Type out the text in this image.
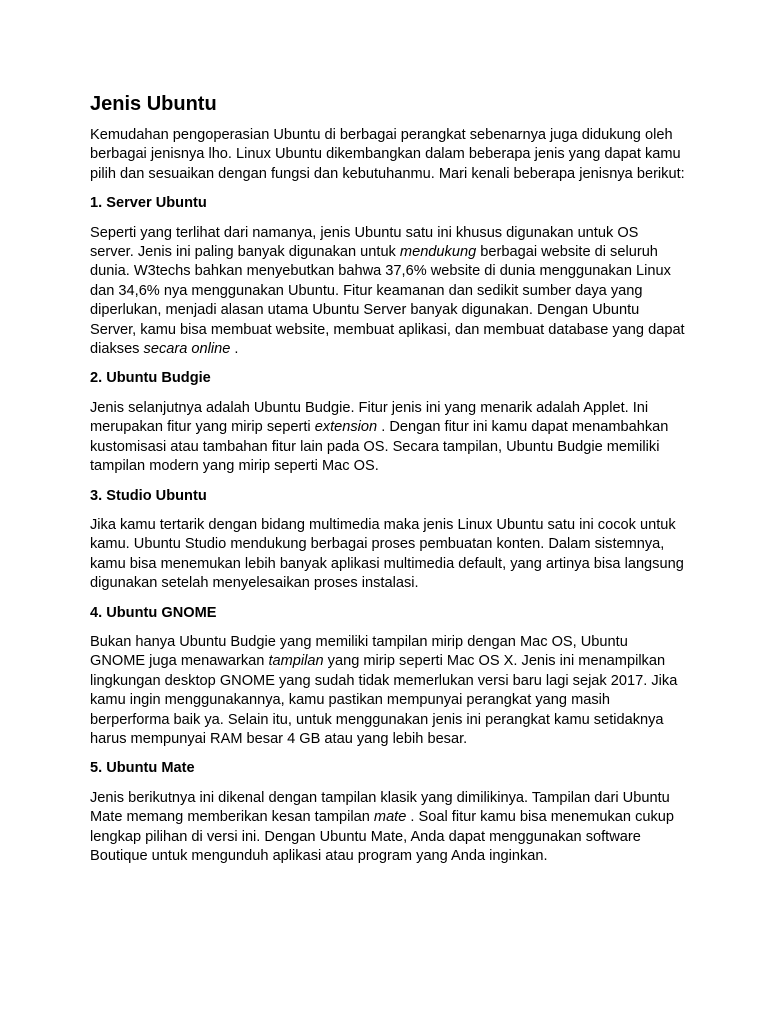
Jenis Ubuntu

Kemudahan pengoperasian Ubuntu di berbagai perangkat sebenarnya juga didukung oleh berbagai jenisnya lho. Linux Ubuntu dikembangkan dalam beberapa jenis yang dapat kamu pilih dan sesuaikan dengan fungsi dan kebutuhanmu. Mari kenali beberapa jenisnya berikut:

1. Server Ubuntu

Seperti yang terlihat dari namanya, jenis Ubuntu satu ini khusus digunakan untuk OS server. Jenis ini paling banyak digunakan untuk mendukung berbagai website di seluruh dunia. W3techs bahkan menyebutkan bahwa 37,6% website di dunia menggunakan Linux dan 34,6% nya menggunakan Ubuntu. Fitur keamanan dan sedikit sumber daya yang diperlukan, menjadi alasan utama Ubuntu Server banyak digunakan. Dengan Ubuntu Server, kamu bisa membuat website, membuat aplikasi, dan membuat database yang dapat diakses secara online .

2. Ubuntu Budgie

Jenis selanjutnya adalah Ubuntu Budgie. Fitur jenis ini yang menarik adalah Applet. Ini merupakan fitur yang mirip seperti extension . Dengan fitur ini kamu dapat menambahkan kustomisasi atau tambahan fitur lain pada OS. Secara tampilan, Ubuntu Budgie memiliki tampilan modern yang mirip seperti Mac OS.

3. Studio Ubuntu

Jika kamu tertarik dengan bidang multimedia maka jenis Linux Ubuntu satu ini cocok untuk kamu. Ubuntu Studio mendukung berbagai proses pembuatan konten. Dalam sistemnya, kamu bisa menemukan lebih banyak aplikasi multimedia default, yang artinya bisa langsung digunakan setelah menyelesaikan proses instalasi.

4. Ubuntu GNOME

Bukan hanya Ubuntu Budgie yang memiliki tampilan mirip dengan Mac OS, Ubuntu GNOME juga menawarkan tampilan yang mirip seperti Mac OS X. Jenis ini menampilkan lingkungan desktop GNOME yang sudah tidak memerlukan versi baru lagi sejak 2017. Jika kamu ingin menggunakannya, kamu pastikan mempunyai perangkat yang masih berperforma baik ya. Selain itu, untuk menggunakan jenis ini perangkat kamu setidaknya harus mempunyai RAM besar 4 GB atau yang lebih besar.

5. Ubuntu Mate

Jenis berikutnya ini dikenal dengan tampilan klasik yang dimilikinya. Tampilan dari Ubuntu Mate memang memberikan kesan tampilan mate . Soal fitur kamu bisa menemukan cukup lengkap pilihan di versi ini. Dengan Ubuntu Mate, Anda dapat menggunakan software Boutique untuk mengunduh aplikasi atau program yang Anda inginkan.
